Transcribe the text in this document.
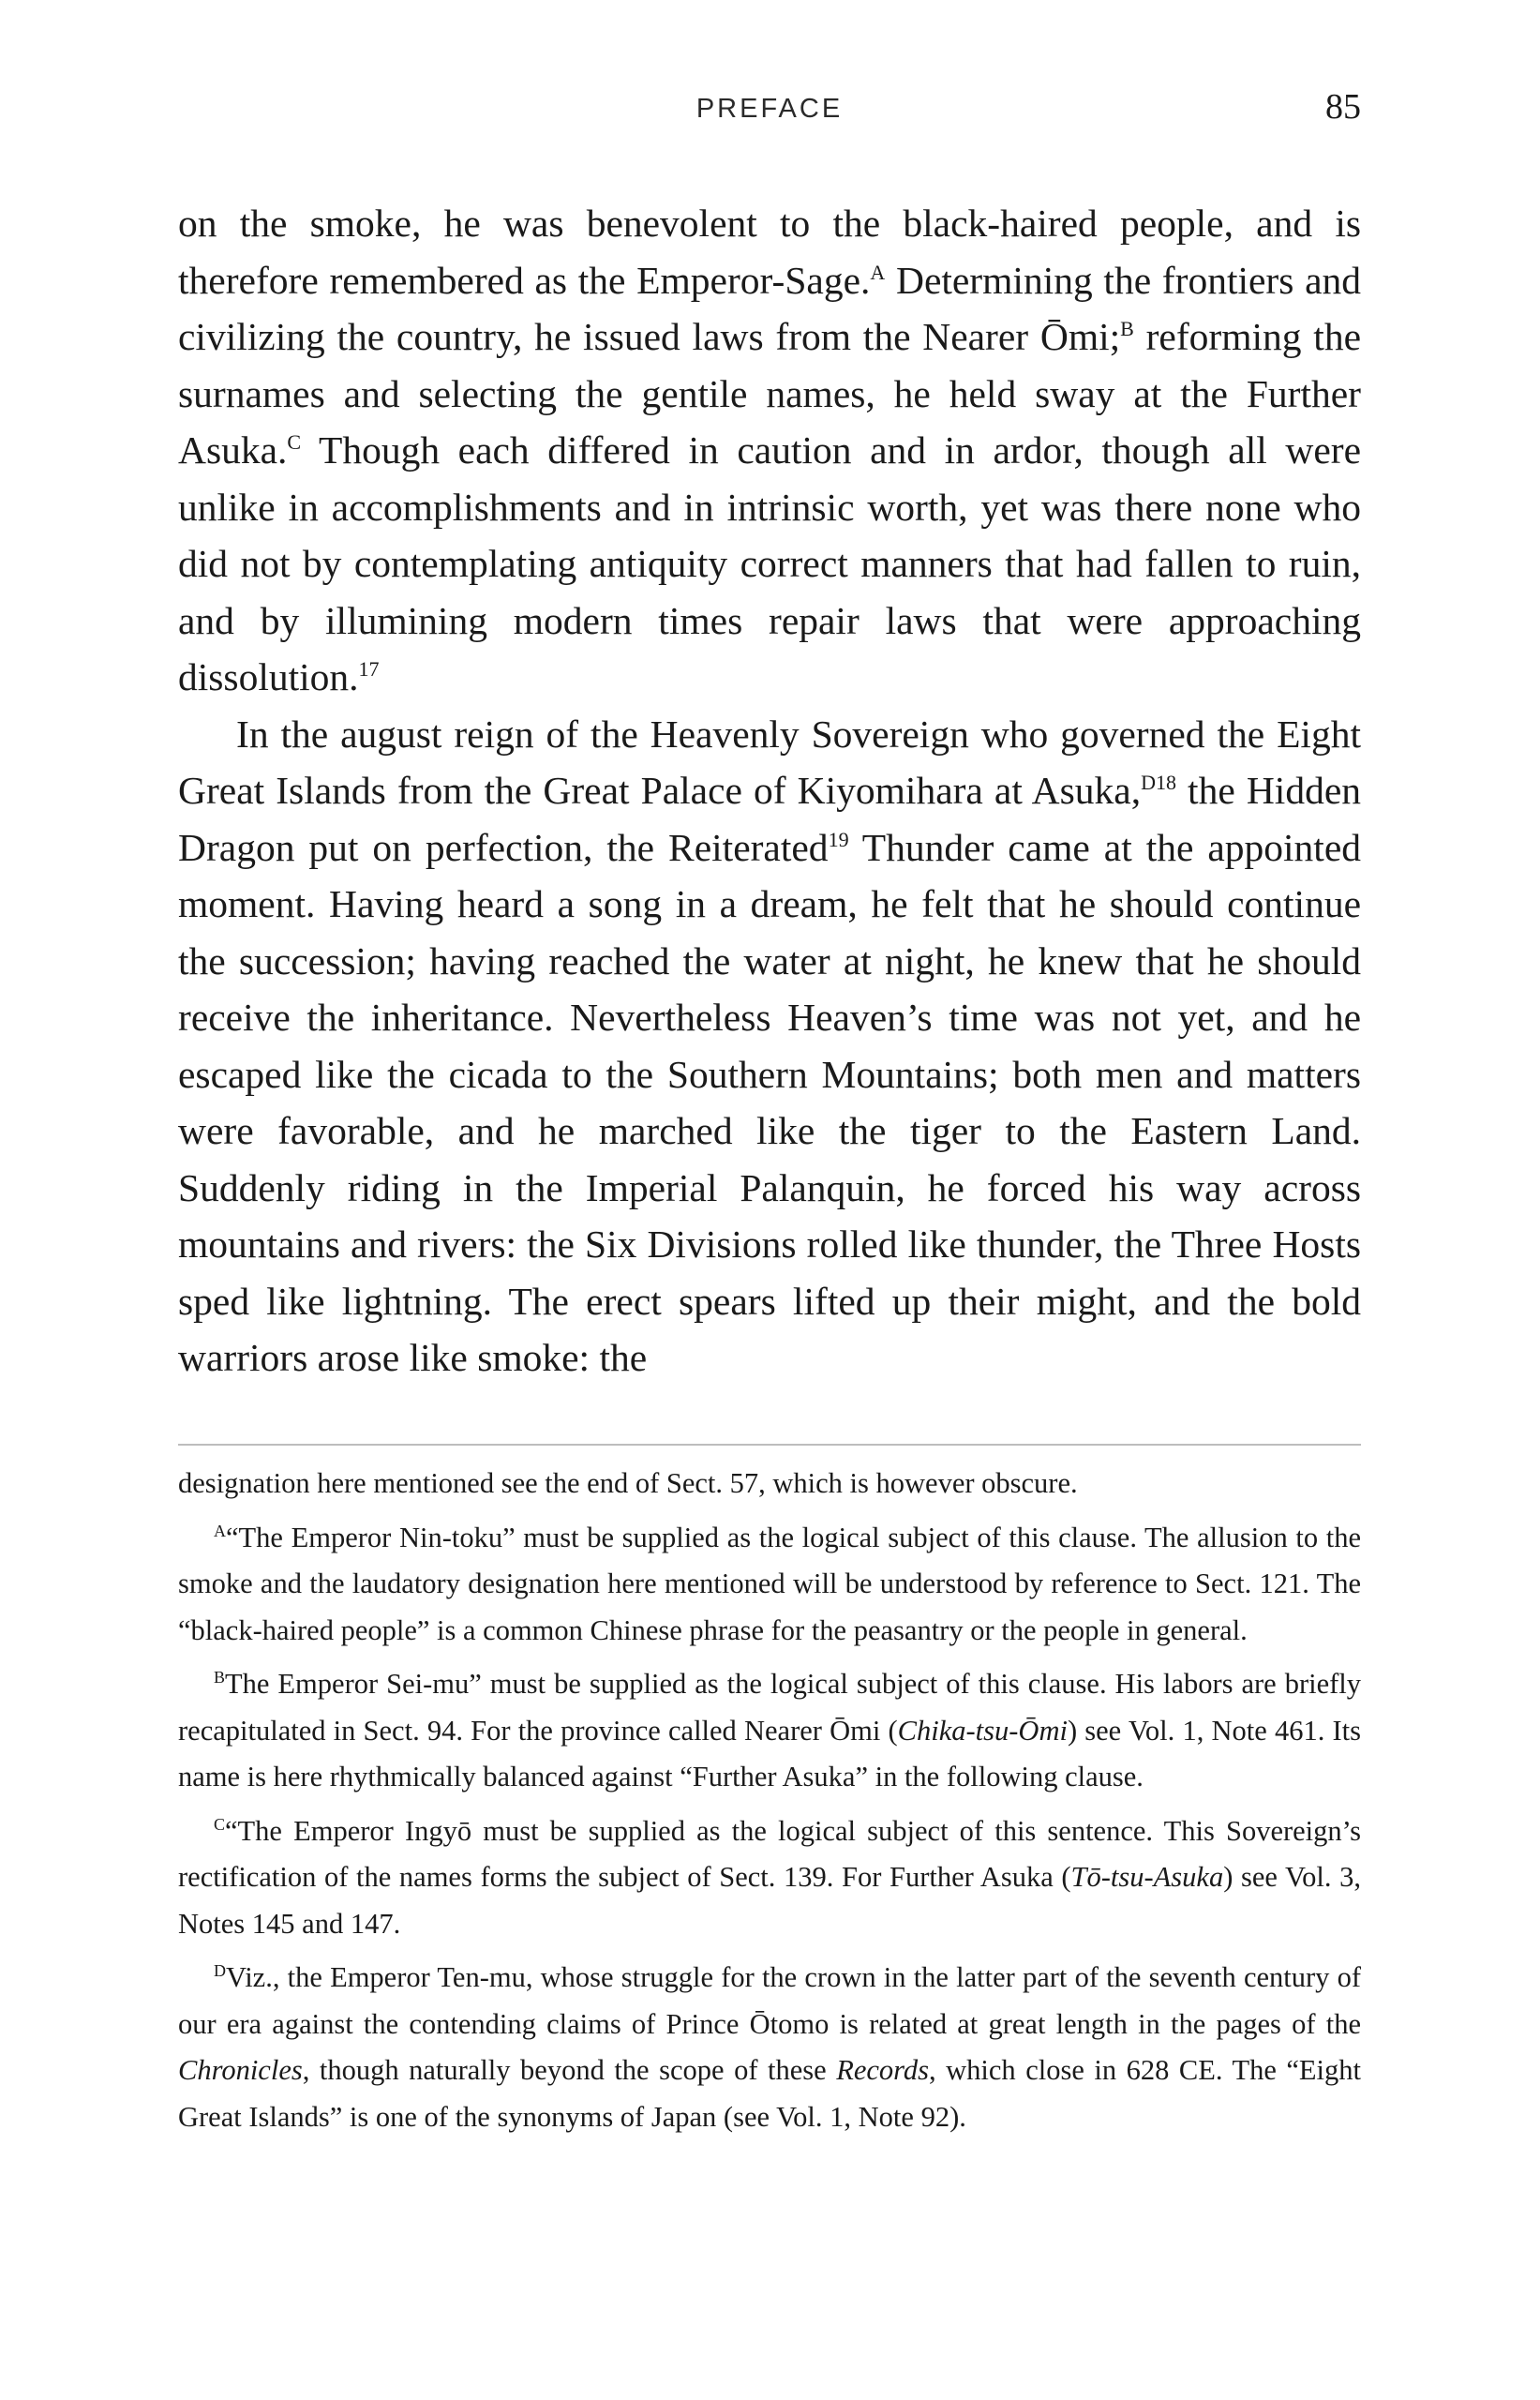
PREFACE	85

on the smoke, he was benevolent to the black-haired people, and is therefore remembered as the Emperor-Sage.$^A$ Determining the frontiers and civilizing the country, he issued laws from the Nearer Ōmi;$^B$ reforming the surnames and selecting the gentile names, he held sway at the Further Asuka.$^C$ Though each differed in caution and in ardor, though all were unlike in accomplishments and in intrinsic worth, yet was there none who did not by contemplating antiquity correct manners that had fallen to ruin, and by illumining modern times repair laws that were approaching dissolution.$^{17}$

In the august reign of the Heavenly Sovereign who governed the Eight Great Islands from the Great Palace of Kiyomihara at Asuka,$^{D18}$ the Hidden Dragon put on perfection, the Reiterated$^{19}$ Thunder came at the appointed moment. Having heard a song in a dream, he felt that he should continue the succession; having reached the water at night, he knew that he should receive the inheritance. Nevertheless Heaven’s time was not yet, and he escaped like the cicada to the Southern Mountains; both men and matters were favorable, and he marched like the tiger to the Eastern Land. Suddenly riding in the Imperial Palanquin, he forced his way across mountains and rivers: the Six Divisions rolled like thunder, the Three Hosts sped like lightning. The erect spears lifted up their might, and the bold warriors arose like smoke: the

designation here mentioned see the end of Sect. 57, which is however obscure.

$^A$“The Emperor Nin-toku” must be supplied as the logical subject of this clause. The allusion to the smoke and the laudatory designation here mentioned will be understood by reference to Sect. 121. The “black-haired people” is a common Chinese phrase for the peasantry or the people in general.

$^B$The Emperor Sei-mu” must be supplied as the logical subject of this clause. His labors are briefly recapitulated in Sect. 94. For the province called Nearer Ōmi (Chika-tsu-Ōmi) see Vol. 1, Note 461. Its name is here rhythmically balanced against “Further Asuka” in the following clause.

$^C$“The Emperor Ingyō must be supplied as the logical subject of this sentence. This Sovereign’s rectification of the names forms the subject of Sect. 139. For Further Asuka (Tō-tsu-Asuka) see Vol. 3, Notes 145 and 147.

$^D$Viz., the Emperor Ten-mu, whose struggle for the crown in the latter part of the seventh century of our era against the contending claims of Prince Ōtomo is related at great length in the pages of the Chronicles, though naturally beyond the scope of these Records, which close in 628 CE. The “Eight Great Islands” is one of the synonyms of Japan (see Vol. 1, Note 92).
